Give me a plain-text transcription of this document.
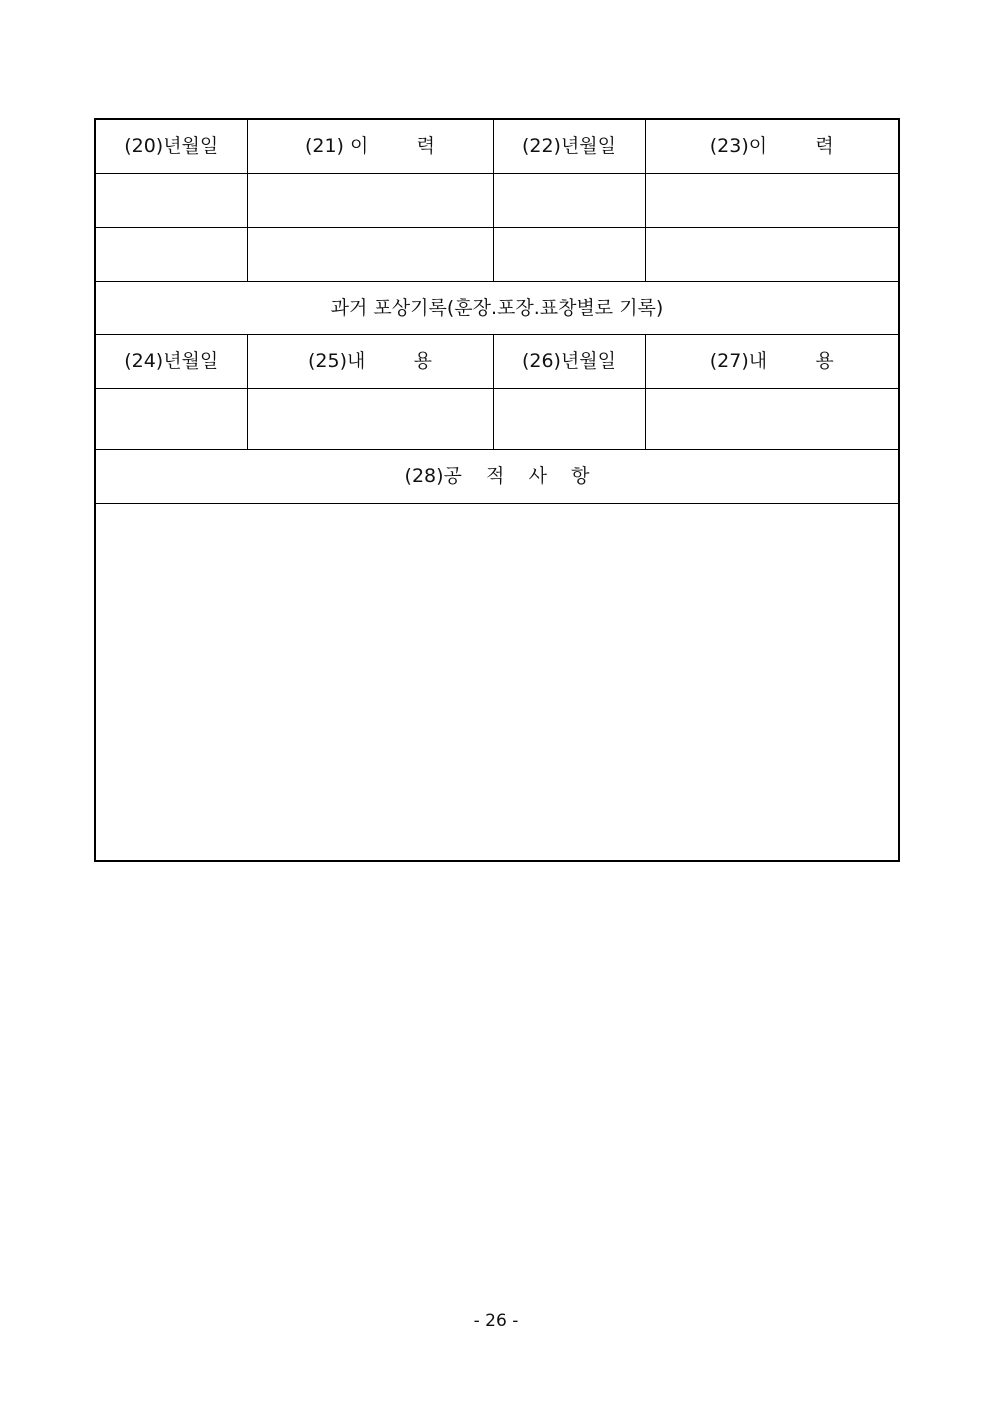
(20)년월일	(21) 이        력	(22)년월일	(23)이        력

과거 포상기록(훈장.포장.표창별로 기록)			
(24)년월일	(25)내        용	(26)년월일	(27)내        용

(28)공    적    사    항			

- 26 -
